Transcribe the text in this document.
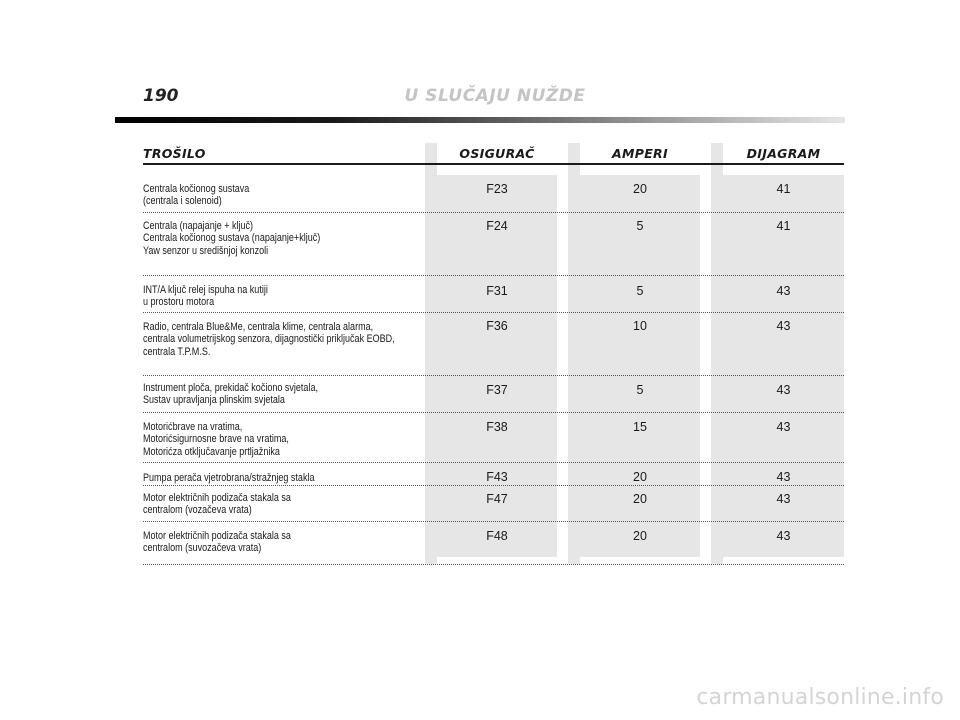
190	U SLUČAJU NUŽDE
TROŠILO	OSIGURAČ	AMPERI	DIJAGRAM
Centrala kočionog sustava
(centrala i solenoid)
F23	20	41
Centrala (napajanje + ključ)
Centrala kočionog sustava (napajanje+ključ)
Yaw senzor u središnjoj konzoli
F24	5	41
INT/A ključ relej ispuha na kutiji
u prostoru motora
F31	5	43
Radio, centrala Blue&Me, centrala klime, centrala alarma,
centrala volumetrijskog senzora, dijagnostički priključak EOBD,
centrala T.P.M.S.
F36	10	43
Instrument ploča, prekidač kočiono svjetala,
Sustav upravljanja plinskim svjetala
F37	5	43
Motorićbrave na vratima,
Motorićsigurnosne brave na vratima,
Motorićza otključavanje prtljažnika
F38	15	43
Pumpa perača vjetrobrana/stražnjeg stakla	F43	20	43
Motor električnih podizača stakala sa
centralom (vozačeva vrata)
F47	20	43
Motor električnih podizača stakala sa
centralom (suvozačeva vrata)
F48	20	43
carmanualsonline.info
